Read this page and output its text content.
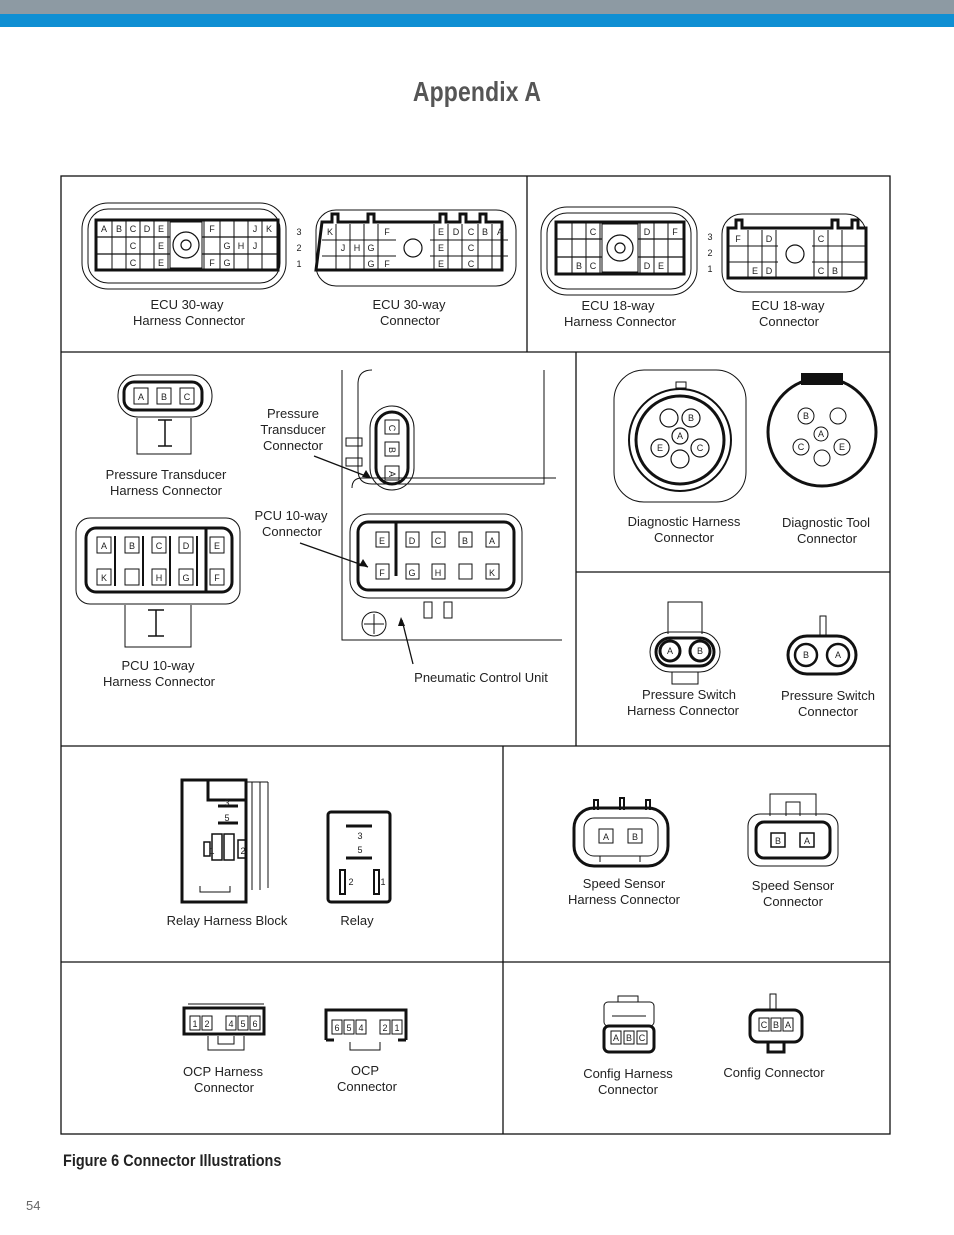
Appendix A
A B C D E	F	J K
C E	G H J
C E	F G
3
2
1
ECU 30-way
Harness Connector
K	F	E D C B A
J H G	E	C
G F	E	C
ECU 30-way
Connector
C	D F
B C	D E
3
2
1
ECU 18-way
Harness Connector
F	D	C
E D	C B
ECU 18-way
Connector
A B C
Pressure Transducer
Harness Connector
A B C D	E
K	H G	F
PCU 10-way
Harness Connector
C
B
A
E	D C B A
F	G H	K
Pressure
Transducer
Connector
PCU 10-way
Connector
Pneumatic Control Unit
B
A
E	C
Diagnostic Harness
Connector
B
A
C	E
Diagnostic Tool
Connector
A	B
Pressure Switch
Harness Connector
B	A
Pressure Switch
Connector
3
5
1	2
Relay Harness Block
3
5
2	1
Relay
A	B
Speed Sensor
Harness Connector
B	A
Speed Sensor
Connector
1 2 4 5 6
OCP Harness
Connector
6 5 4 2 1
OCP
Connector
A B C
Config Harness
Connector
C B A
Config Connector
Figure 6 Connector Illustrations
54
